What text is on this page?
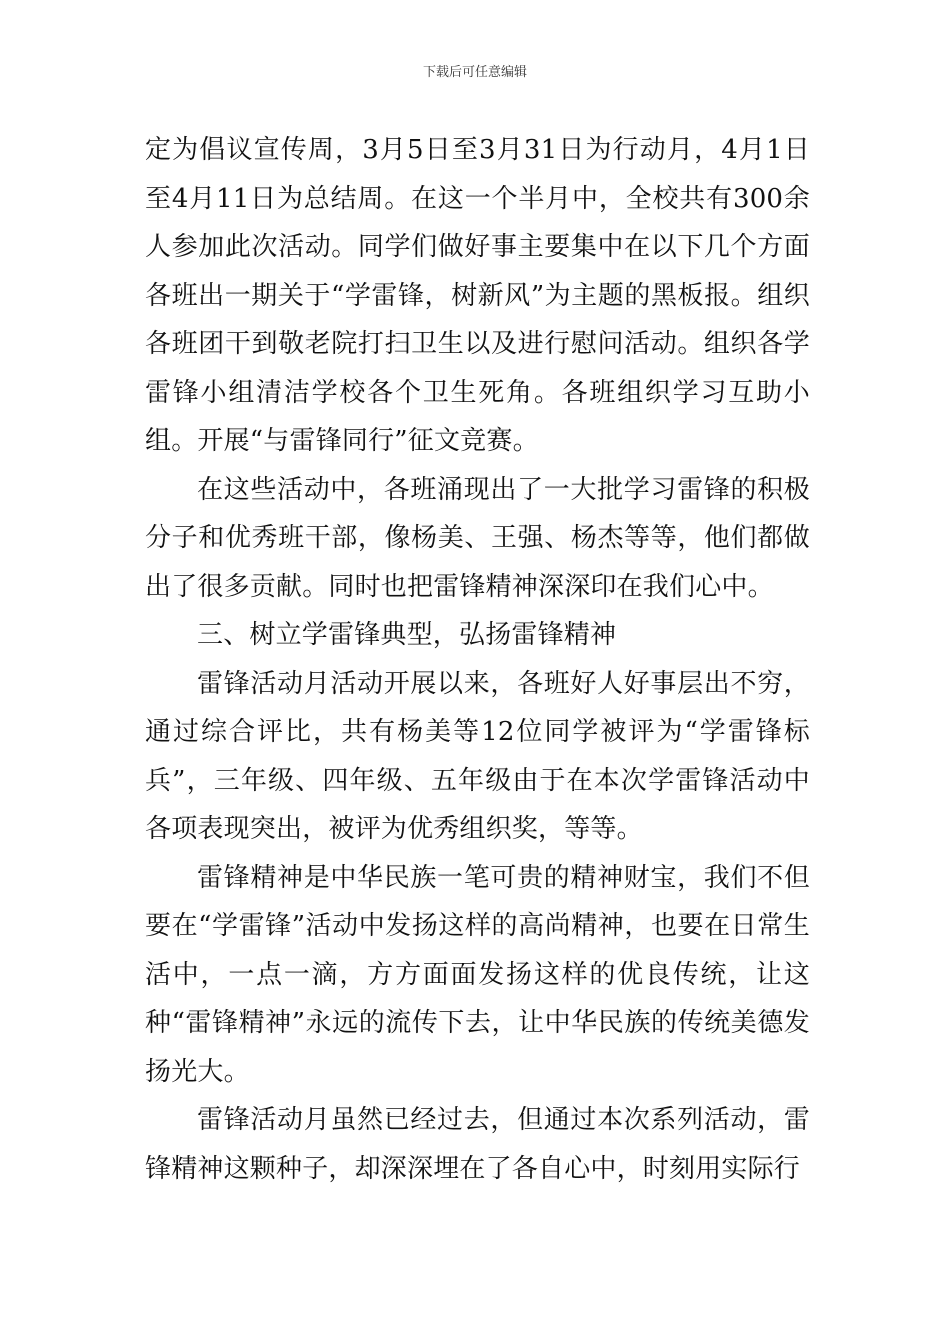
下载后可任意编辑

定为倡议宣传周，3月5日至3月31日为行动月，4月1日至4月11日为总结周。在这一个半月中，全校共有300余人参加此次活动。同学们做好事主要集中在以下几个方面各班出一期关于“学雷锋，树新风”为主题的黑板报。组织各班团干到敬老院打扫卫生以及进行慰问活动。组织各学雷锋小组清洁学校各个卫生死角。各班组织学习互助小组。开展“与雷锋同行”征文竞赛。

在这些活动中，各班涌现出了一大批学习雷锋的积极分子和优秀班干部，像杨美、王强、杨杰等等，他们都做出了很多贡献。同时也把雷锋精神深深印在我们心中。

三、树立学雷锋典型，弘扬雷锋精神

雷锋活动月活动开展以来，各班好人好事层出不穷，通过综合评比，共有杨美等12位同学被评为“学雷锋标兵”，三年级、四年级、五年级由于在本次学雷锋活动中各项表现突出，被评为优秀组织奖，等等。

雷锋精神是中华民族一笔可贵的精神财宝，我们不但要在“学雷锋”活动中发扬这样的高尚精神，也要在日常生活中，一点一滴，方方面面发扬这样的优良传统，让这种“雷锋精神”永远的流传下去，让中华民族的传统美德发扬光大。

雷锋活动月虽然已经过去，但通过本次系列活动，雷锋精神这颗种子，却深深埋在了各自心中，时刻用实际行
